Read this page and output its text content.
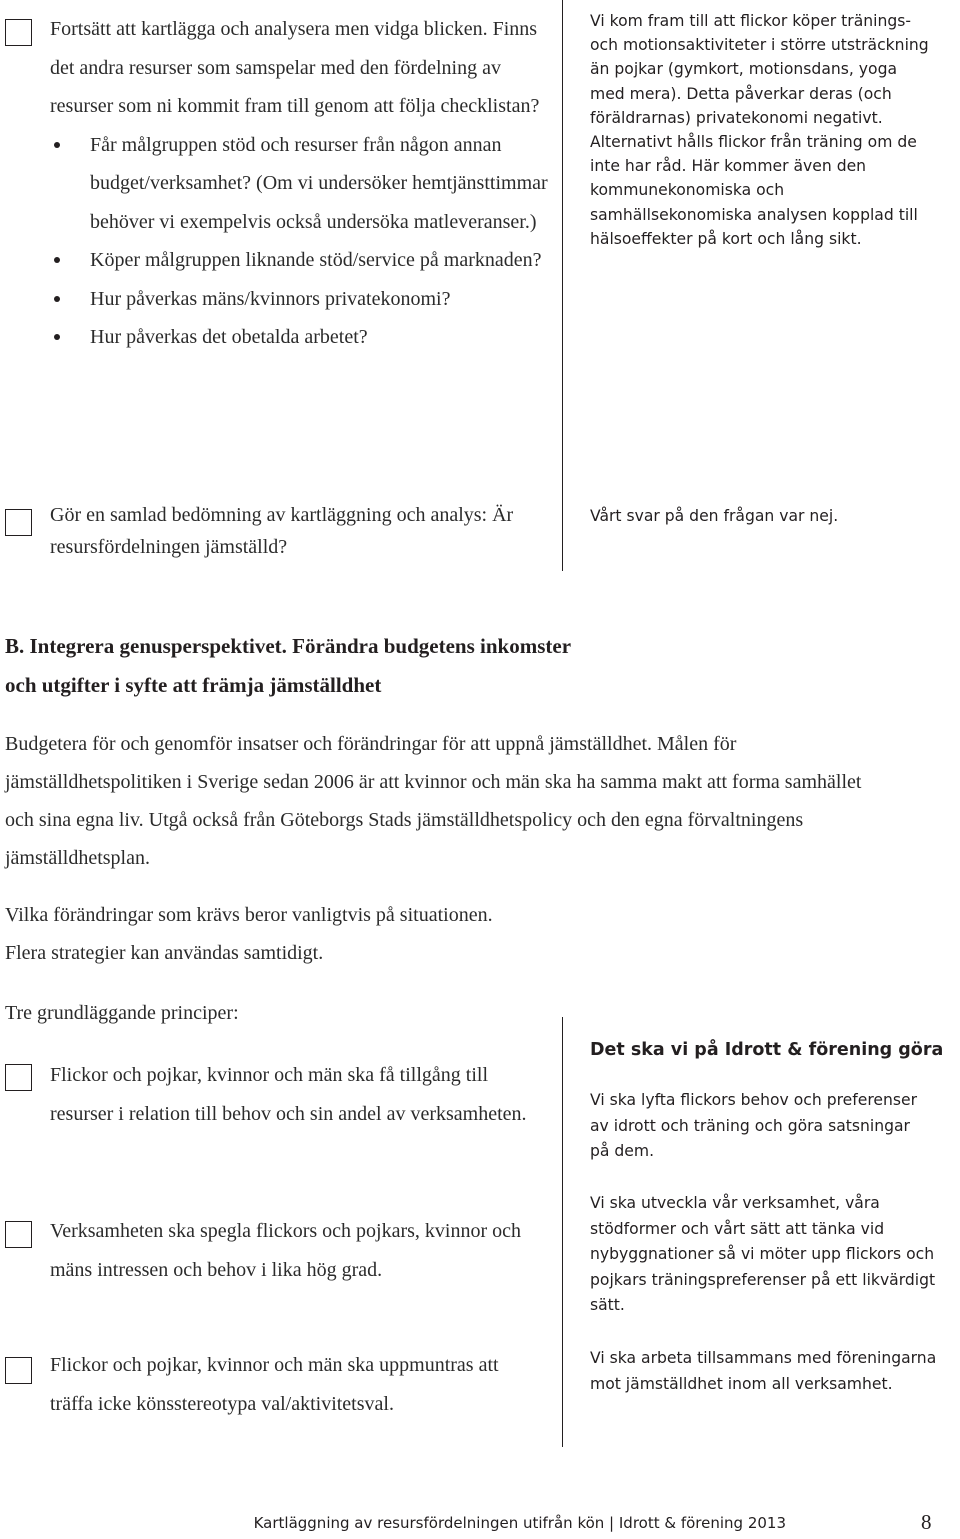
Fortsätt att kartlägga och analysera men vidga blicken. Finns det andra resurser som samspelar med den fördelning av resurser som ni kommit fram till genom att följa checklistan?

Får målgruppen stöd och resurser från någon annan budget/verksamhet? (Om vi undersöker hemtjänsttimmar behöver vi exempelvis också undersöka matleveranser.)
Köper målgruppen liknande stöd/service på marknaden?
Hur påverkas mäns/kvinnors privatekonomi?
Hur påverkas det obetalda arbetet?
Vi kom fram till att flickor köper tränings- och motionsaktiviteter i större utsträckning än pojkar (gymkort, motionsdans, yoga med mera). Detta påverkar deras (och föräldrarnas) privatekonomi negativt. Alternativt hålls flickor från träning om de inte har råd. Här kommer även den kommunekonomiska och samhällsekonomiska analysen kopplad till hälsoeffekter på kort och lång sikt.
Gör en samlad bedömning av kartläggning och analys: Är resursfördelningen jämställd?
Vårt svar på den frågan var nej.

B. Integrera genusperspektivet. Förändra budgetens inkomster

och utgifter i syfte att främja jämställdhet

Budgetera för och genomför insatser och förändringar för att uppnå jämställdhet. Målen för jämställdhetspolitiken i Sverige sedan 2006 är att kvinnor och män ska ha samma makt att forma samhället och sina egna liv. Utgå också från Göteborgs Stads jämställdhetspolicy och den egna förvaltningens jämställdhetsplan.

Vilka förändringar som krävs beror vanligtvis på situationen.

Flera strategier kan användas samtidigt.

Tre grundläggande principer:
Det ska vi på Idrott & förening göra
Flickor och pojkar, kvinnor och män ska få tillgång till resurser i relation till behov och sin andel av verksamheten.
Vi ska lyfta flickors behov och preferenser av idrott och träning och göra satsningar på dem.
Verksamheten ska spegla flickors och pojkars, kvinnor och mäns intressen och behov i lika hög grad.
Vi ska utveckla vår verksamhet, våra stödformer och vårt sätt att tänka vid nybyggnationer så vi möter upp flickors och pojkars träningspreferenser på ett likvärdigt sätt.
Flickor och pojkar, kvinnor och män ska uppmuntras att träffa icke könsstereotypa val/aktivitetsval.
Vi ska arbeta tillsammans med föreningarna mot jämställdhet inom all verksamhet.
Kartläggning av resursfördelningen utifrån kön | Idrott & förening 2013	8
